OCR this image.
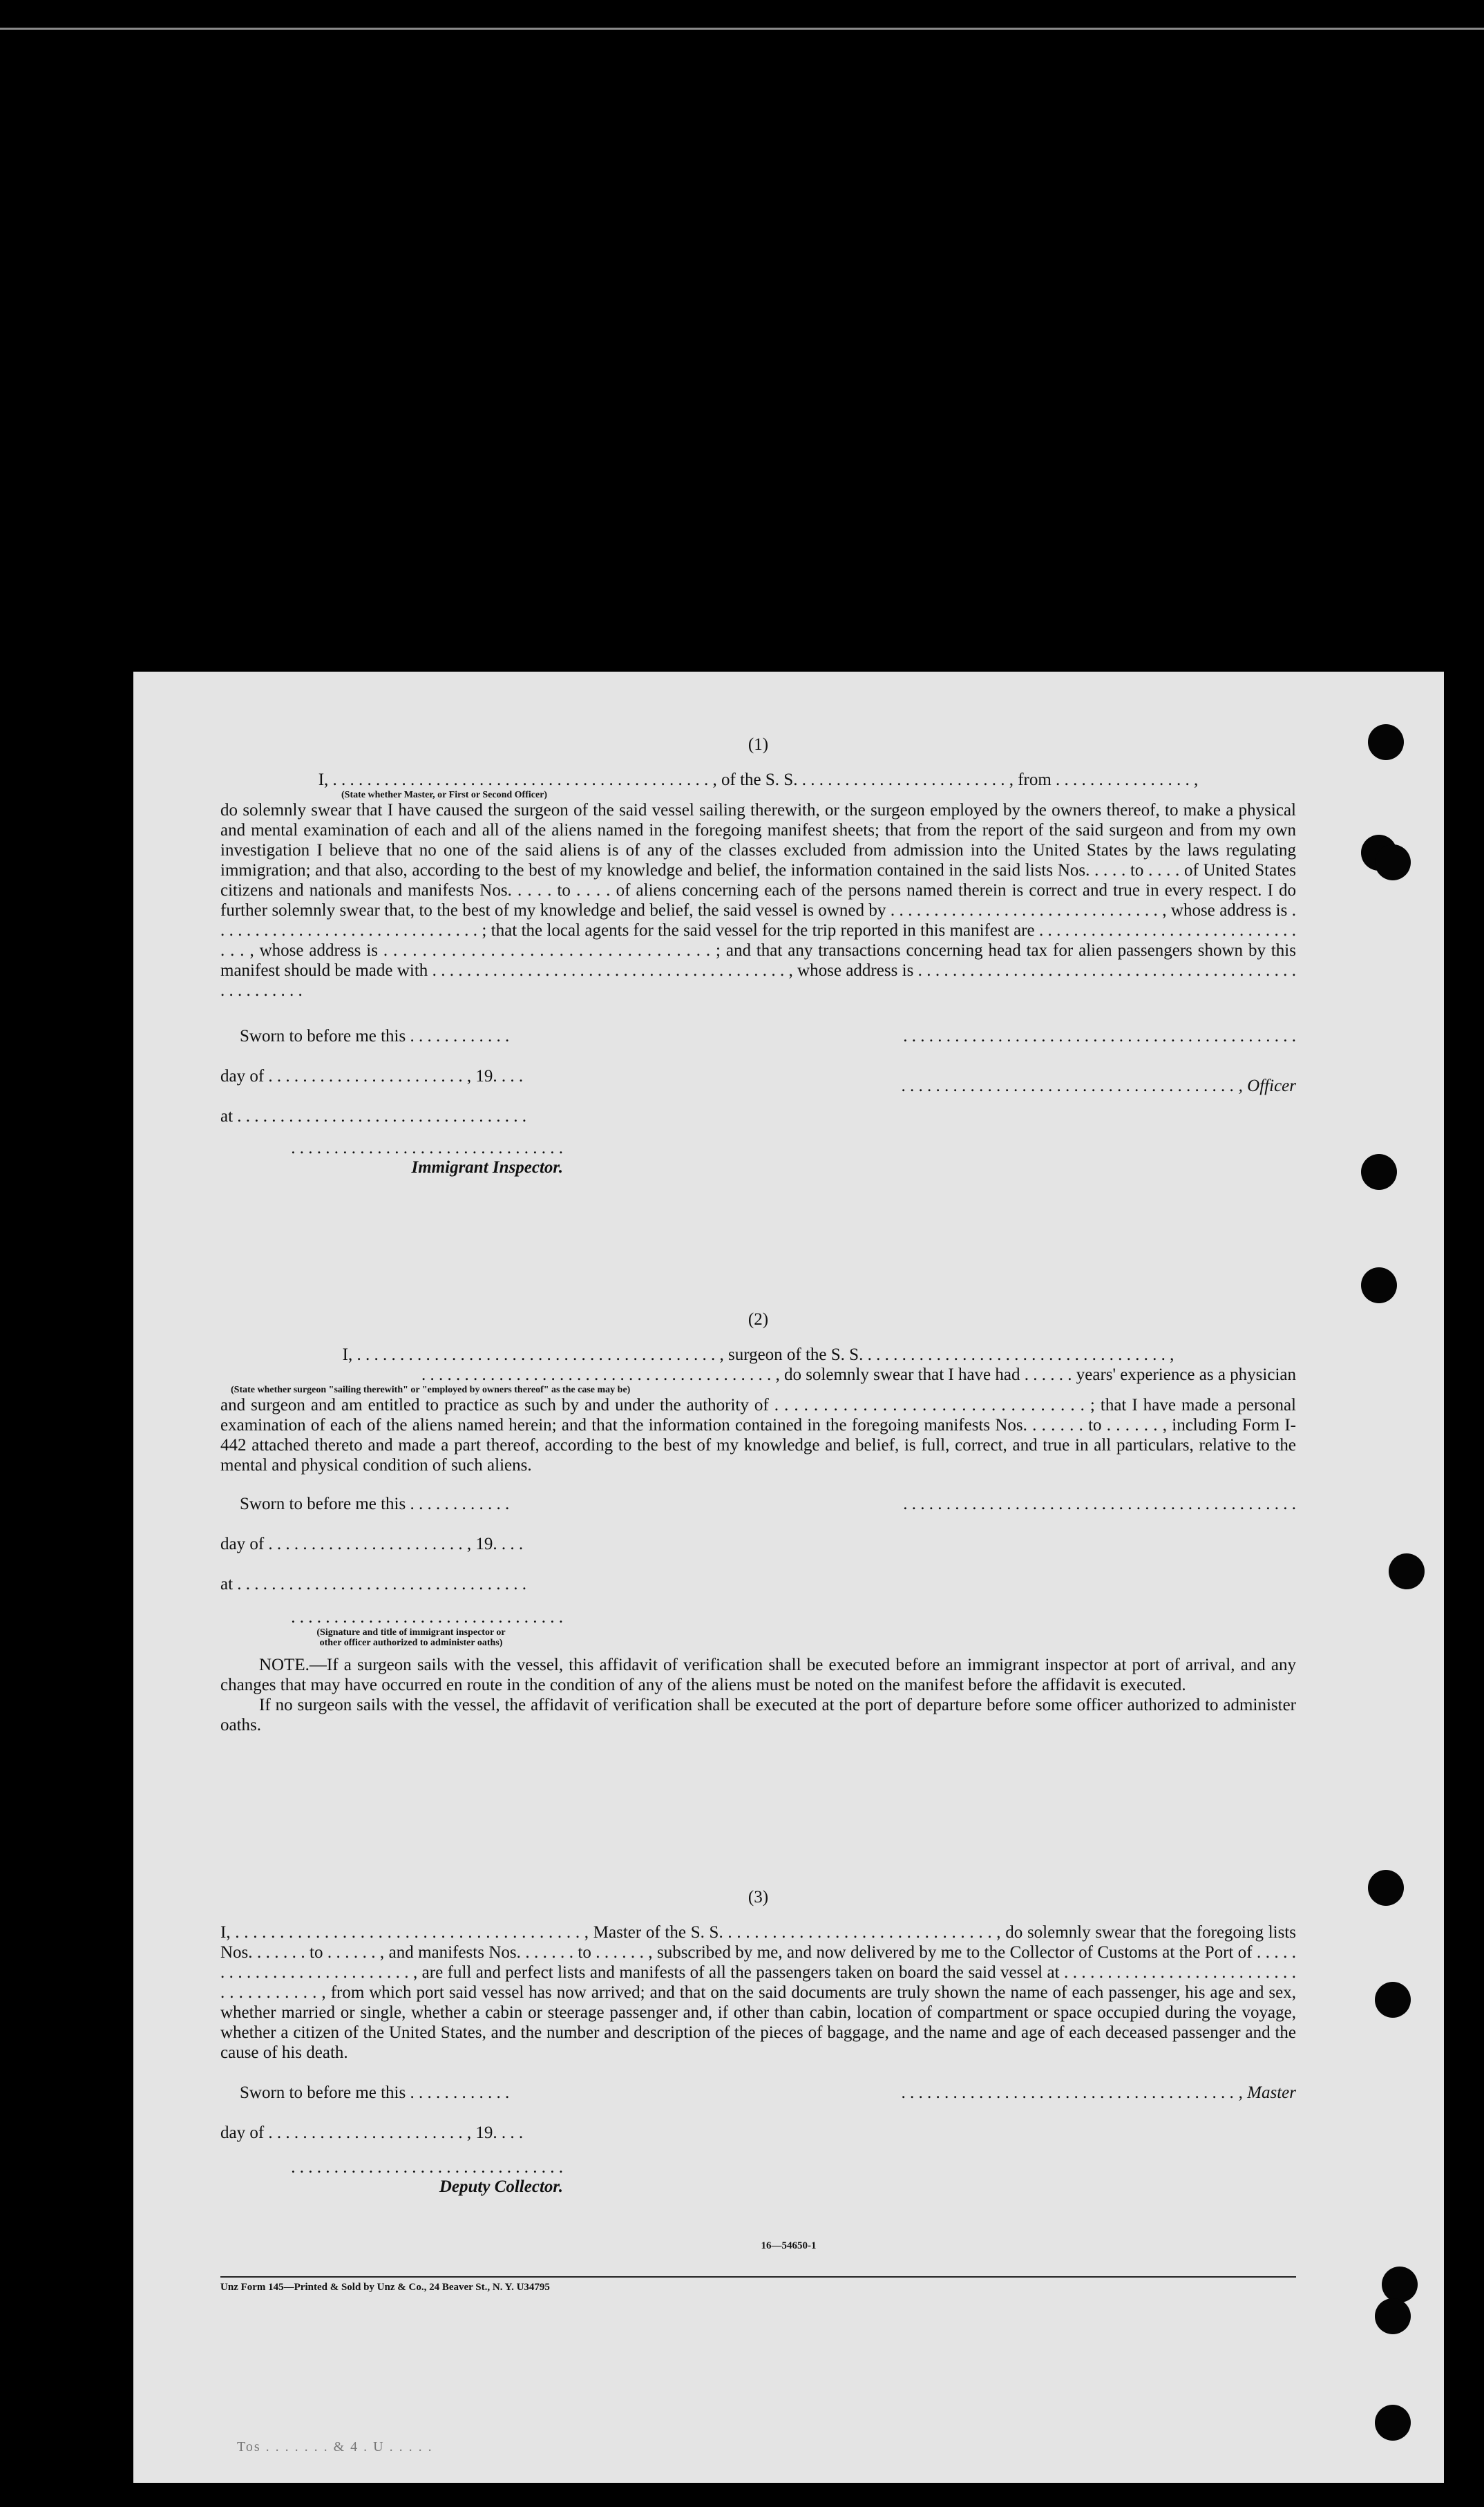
(1)

I, . . . . . . . . . . . . . . . . . . . . . . . . . . . . . . . . . . . . . . . . . . . . , of the S. S. . . . . . . . . . . . . . . . . . . . . . . . . , from . . . . . . . . . . . . . . . . ,

(State whether Master, or First or Second Officer)

do solemnly swear that I have caused the surgeon of the said vessel sailing therewith, or the surgeon employed by the owners thereof, to make a physical and mental examination of each and all of the aliens named in the foregoing manifest sheets; that from the report of the said surgeon and from my own investigation I believe that no one of the said aliens is of any of the classes excluded from admission into the United States by the laws regulating immigration; and that also, according to the best of my knowledge and belief, the information contained in the said lists Nos. . . . . to . . . . of United States citizens and nationals and manifests Nos. . . . . to . . . . of aliens concerning each of the persons named therein is correct and true in every respect. I do further solemnly swear that, to the best of my knowledge and belief, the said vessel is owned by . . . . . . . . . . . . . . . . . . . . . . . . . . . . . . . , whose address is . . . . . . . . . . . . . . . . . . . . . . . . . . . . . . . ; that the local agents for the said vessel for the trip reported in this manifest are . . . . . . . . . . . . . . . . . . . . . . . . . . . . . . . . . , whose address is . . . . . . . . . . . . . . . . . . . . . . . . . . . . . . . . . . ; and that any transactions concerning head tax for alien passengers shown by this manifest should be made with . . . . . . . . . . . . . . . . . . . . . . . . . . . . . . . . . . . . . . . . . , whose address is . . . . . . . . . . . . . . . . . . . . . . . . . . . . . . . . . . . . . . . . . . . . . . . . . . . . . .

Sworn to before me this . . . . . . . . . . . .	. . . . . . . . . . . . . . . . . . . . . . . . . . . . . . . . . . . . . . . . . . . . . .
day of . . . . . . . . . . . . . . . . . . . . . . . , 19. . . .
. . . . . . . . . . . . . . . . . . . . . . . . . . . . . . . . . . . . . . . , Officer
at . . . . . . . . . . . . . . . . . . . . . . . . . . . . . . . . . .
. . . . . . . . . . . . . . . . . . . . . . . . . . . . . . . .
Immigrant Inspector.
(2)

I, . . . . . . . . . . . . . . . . . . . . . . . . . . . . . . . . . . . . . . . . . . , surgeon of the S. S. . . . . . . . . . . . . . . . . . . . . . . . . . . . . . . . . . . . ,

. . . . . . . . . . . . . . . . . . . . . . . . . . . . . . . . . . . . . . . . . , do solemnly swear that I have had . . . . . . years' experience as a physician

(State whether surgeon "sailing therewith" or "employed by owners thereof" as the case may be)

and surgeon and am entitled to practice as such by and under the authority of . . . . . . . . . . . . . . . . . . . . . . . . . . . . . . . . ; that I have made a personal examination of each of the aliens named herein; and that the information contained in the foregoing manifests Nos. . . . . . . to . . . . . . , including Form I-442 attached thereto and made a part thereof, according to the best of my knowledge and belief, is full, correct, and true in all particulars, relative to the mental and physical condition of such aliens.

Sworn to before me this . . . . . . . . . . . .	. . . . . . . . . . . . . . . . . . . . . . . . . . . . . . . . . . . . . . . . . . . . . .
day of . . . . . . . . . . . . . . . . . . . . . . . , 19. . . .
at . . . . . . . . . . . . . . . . . . . . . . . . . . . . . . . . . .
. . . . . . . . . . . . . . . . . . . . . . . . . . . . . . . .
(Signature and title of immigrant inspector or
other officer authorized to administer oaths)

NOTE.—If a surgeon sails with the vessel, this affidavit of verification shall be executed before an immigrant inspector at port of arrival, and any changes that may have occurred en route in the condition of any of the aliens must be noted on the manifest before the affidavit is executed.

If no surgeon sails with the vessel, the affidavit of verification shall be executed at the port of departure before some officer authorized to administer oaths.

(3)

I, . . . . . . . . . . . . . . . . . . . . . . . . . . . . . . . . . . . . . . . , Master of the S. S. . . . . . . . . . . . . . . . . . . . . . . . . . . . . . . , do solemnly swear that the foregoing lists Nos. . . . . . . to . . . . . . , and manifests Nos. . . . . . . to . . . . . . , subscribed by me, and now delivered by me to the Collector of Customs at the Port of . . . . . . . . . . . . . . . . . . . . . . . . . . . , are full and perfect lists and manifests of all the passengers taken on board the said vessel at . . . . . . . . . . . . . . . . . . . . . . . . . . . . . . . . . . . . . . , from which port said vessel has now arrived; and that on the said documents are truly shown the name of each passenger, his age and sex, whether married or single, whether a cabin or steerage passenger and, if other than cabin, location of compartment or space occupied during the voyage, whether a citizen of the United States, and the number and description of the pieces of baggage, and the name and age of each deceased passenger and the cause of his death.

Sworn to before me this . . . . . . . . . . . .	. . . . . . . . . . . . . . . . . . . . . . . . . . . . . . . . . . . . . . . , Master
day of . . . . . . . . . . . . . . . . . . . . . . . , 19. . . .
. . . . . . . . . . . . . . . . . . . . . . . . . . . . . . . .
Deputy Collector.
16—54650-1
Unz Form 145—Printed & Sold by Unz & Co., 24 Beaver St., N. Y. U34795
Tos . . . . . . . & 4 . U . . . . .
